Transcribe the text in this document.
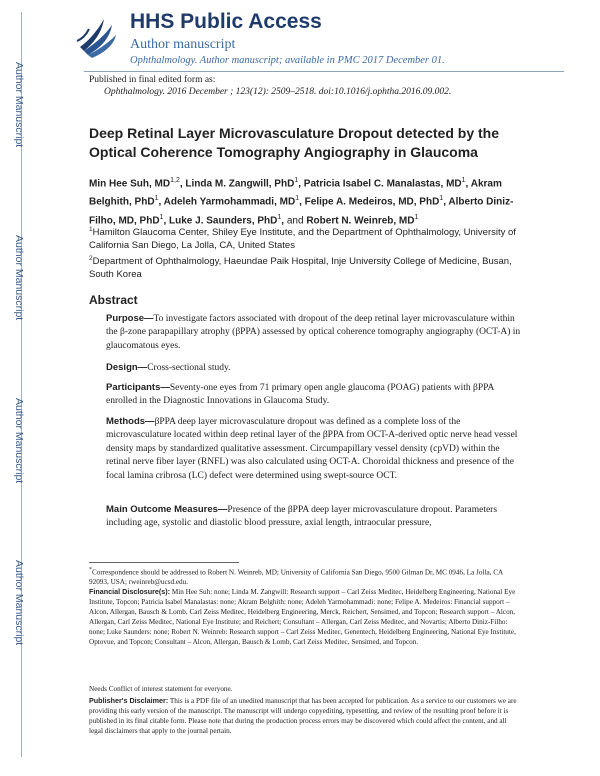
Author Manuscript
Author Manuscript
Author Manuscript
Author Manuscript
HHS Public Access
Author manuscript
Ophthalmology. Author manuscript; available in PMC 2017 December 01.
Published in final edited form as:
Ophthalmology. 2016 December ; 123(12): 2509–2518. doi:10.1016/j.ophtha.2016.09.002.
Deep Retinal Layer Microvasculature Dropout detected by the Optical Coherence Tomography Angiography in Glaucoma
Min Hee Suh, MD$^{1,2}$, Linda M. Zangwill, PhD$^1$, Patricia Isabel C. Manalastas, $MD^1$, Akram Belghith, PhD$^1$, Adeleh Yarmohammadi, $MD^1$, Felipe A. Medeiros, MD, PhD$^1$, Alberto Diniz-Filho, MD, PhD$^1$, Luke J. Saunders, PhD$^1$, and Robert N. Weinreb, $MD^1$
$^1$Hamilton Glaucoma Center, Shiley Eye Institute, and the Department of Ophthalmology, University of California San Diego, La Jolla, CA, United States
$^2$Department of Ophthalmology, Haeundae Paik Hospital, Inje University College of Medicine, Busan, South Korea
Abstract
Purpose—To investigate factors associated with dropout of the deep retinal layer microvasculature within the β-zone parapapillary atrophy (βPPA) assessed by optical coherence tomography angiography (OCT-A) in glaucomatous eyes.
Design—Cross-sectional study.
Participants—Seventy-one eyes from 71 primary open angle glaucoma (POAG) patients with βPPA enrolled in the Diagnostic Innovations in Glaucoma Study.
Methods—βPPA deep layer microvasculature dropout was defined as a complete loss of the microvasculature located within deep retinal layer of the βPPA from OCT-A-derived optic nerve head vessel density maps by standardized qualitative assessment. Circumpapillary vessel density (cpVD) within the retinal nerve fiber layer (RNFL) was also calculated using OCT-A. Choroidal thickness and presence of the focal lamina cribrosa (LC) defect were determined using swept-source OCT.
Main Outcome Measures—Presence of the βPPA deep layer microvasculature dropout. Parameters including age, systolic and diastolic blood pressure, axial length, intraocular pressure,
*Correspondence should be addressed to Robert N. Weinreb, MD; University of California San Diego, 9500 Gilman Dr, MC 0946, La Jolla, CA 92093, USA; rweinreb@ucsd.edu.
Financial Disclosure(s): Min Hee Suh: none; Linda M. Zangwill: Research support – Carl Zeiss Meditec, Heidelberg Engineering, National Eye Institute, Topcon; Patricia Isabel Manalastas: none; Akram Belghith: none; Adeleh Yarmohammadi: none; Felipe A. Medeiros: Financial support – Alcon, Allergan, Bausch & Lomb, Carl Zeiss Meditec, Heidelberg Engineering, Merck, Reichert, Sensimed, and Topcon; Research support – Alcon, Allergan, Carl Zeiss Meditec, National Eye Institute; and Reichert; Consultant – Allergan, Carl Zeiss Meditec, and Novartis; Alberto Diniz-Filho: none; Luke Saunders: none; Robert N. Weinreb: Research support – Carl Zeiss Meditec, Genentech, Heidelberg Engineering, National Eye Institute, Optovue, and Topcon; Consultant – Alcon, Allergan, Bausch & Lomb, Carl Zeiss Meditec, Sensimed, and Topcon.
Needs Conflict of interest statement for everyone.
Publisher's Disclaimer: This is a PDF file of an unedited manuscript that has been accepted for publication. As a service to our customers we are providing this early version of the manuscript. The manuscript will undergo copyediting, typesetting, and review of the resulting proof before it is published in its final citable form. Please note that during the production process errors may be discovered which could affect the content, and all legal disclaimers that apply to the journal pertain.
